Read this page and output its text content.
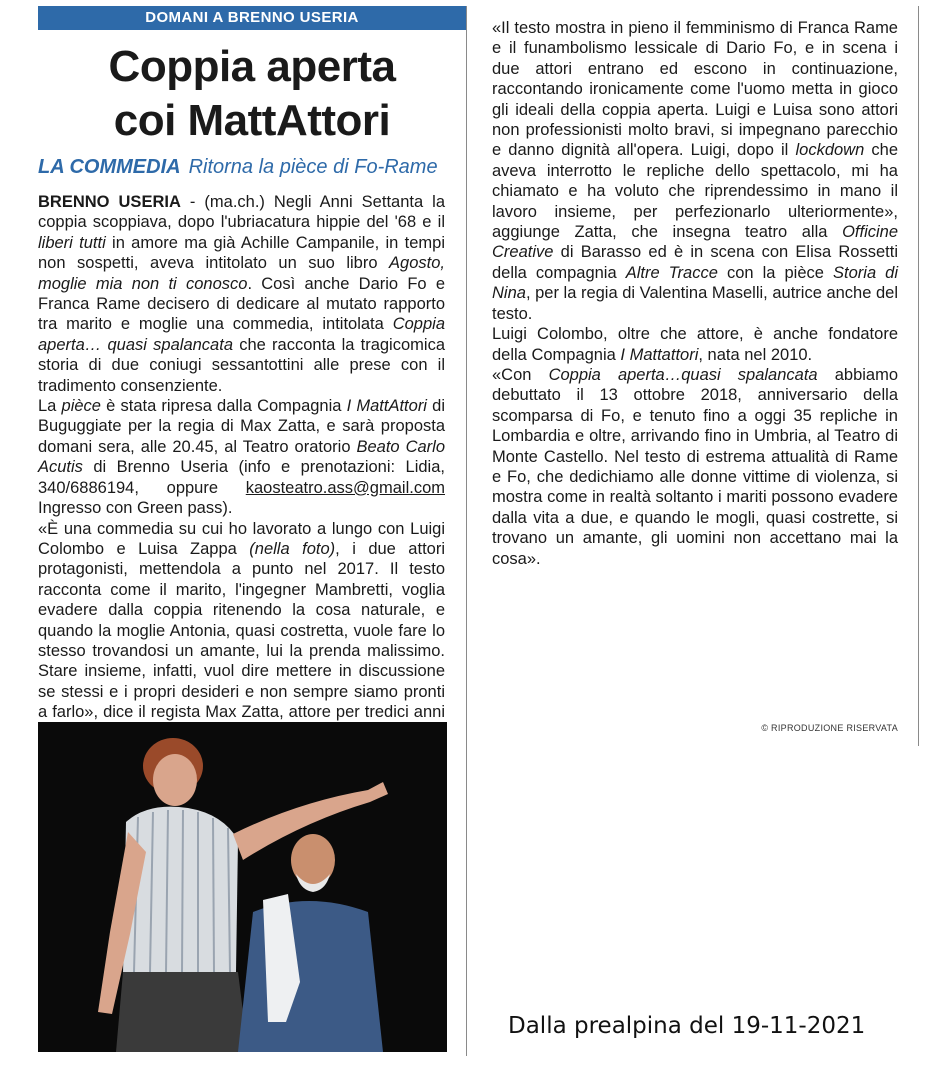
DOMANI A BRENNO USERIA
Coppia aperta
coi MattAttori
LA COMMEDIA Ritorna la pièce di Fo-Rame

BRENNO USERIA - (ma.ch.) Negli Anni Settanta la coppia scoppiava, dopo l'ubriacatura hippie del '68 e il liberi tutti in amore ma già Achille Campanile, in tempi non sospetti, aveva intitolato un suo libro Agosto, moglie mia non ti conosco. Così anche Dario Fo e Franca Rame decisero di dedicare al mutato rapporto tra marito e moglie una commedia, intitolata Coppia aperta… quasi spalancata che racconta la tragicomica storia di due coniugi sessantottini alle prese con il tradimento consenziente.

La pièce è stata ripresa dalla Compagnia I MattAttori di Buguggiate per la regia di Max Zatta, e sarà proposta domani sera, alle 20.45, al Teatro oratorio Beato Carlo Acutis di Brenno Useria (info e prenotazioni: Lidia, 340/6886194, oppure kaosteatro.ass@gmail.com Ingresso con Green pass).

«È una commedia su cui ho lavorato a lungo con Luigi Colombo e Luisa Zappa (nella foto), i due attori protagonisti, mettendola a punto nel 2017. Il testo racconta come il marito, l'ingegner Mambretti, voglia evadere dalla coppia ritenendo la cosa naturale, e quando la moglie Antonia, quasi costretta, vuole fare lo stesso trovandosi un amante, lui la prenda malissimo. Stare insieme, infatti, vuol dire mettere in discussione se stessi e i propri desideri e non sempre siamo pronti a farlo», dice il regista Max Zatta, attore per tredici anni

«Il testo mostra in pieno il femminismo di Franca Rame e il funambolismo lessicale di Dario Fo, e in scena i due attori entrano ed escono in continuazione, raccontando ironicamente come l'uomo metta in gioco gli ideali della coppia aperta. Luigi e Luisa sono attori non professionisti molto bravi, si impegnano parecchio e danno dignità all'opera. Luigi, dopo il lockdown che aveva interrotto le repliche dello spettacolo, mi ha chiamato e ha voluto che riprendessimo in mano il lavoro insieme, per perfezionarlo ulteriormente», aggiunge Zatta, che insegna teatro alla Officine Creative di Barasso ed è in scena con Elisa Rossetti della compagnia Altre Tracce con la pièce Storia di Nina, per la regia di Valentina Maselli, autrice anche del testo.

Luigi Colombo, oltre che attore, è anche fondatore della Compagnia I Mattattori, nata nel 2010.

«Con Coppia aperta…quasi spalancata abbiamo debuttato il 13 ottobre 2018, anniversario della scomparsa di Fo, e tenuto fino a oggi 35 repliche in Lombardia e oltre, arrivando fino in Umbria, al Teatro di Monte Castello. Nel testo di estrema attualità di Rame e Fo, che dedichiamo alle donne vittime di violenza, si mostra come in realtà soltanto i mariti possono evadere dalla vita a due, e quando le mogli, quasi costrette, si trovano un amante, gli uomini non accettano mai la cosa».

© RIPRODUZIONE RISERVATA
Dalla prealpina del 19-11-2021
